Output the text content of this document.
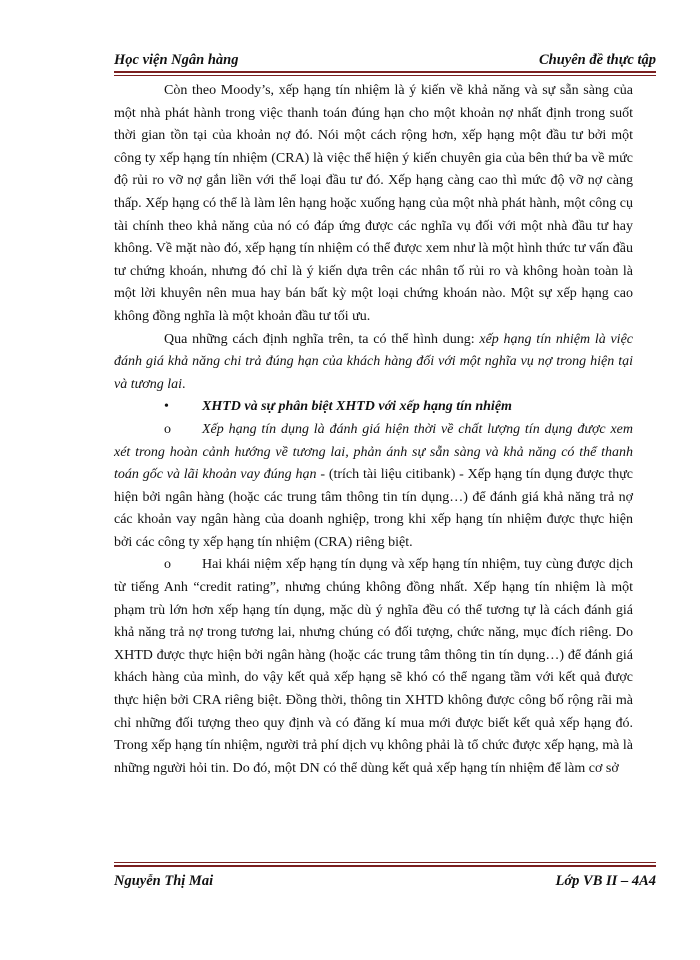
Học viện Ngân hàng	Chuyên đề thực tập

Còn theo Moody’s, xếp hạng tín nhiệm là ý kiến về khả năng và sự sẵn sàng của một nhà phát hành trong việc thanh toán đúng hạn cho một khoản nợ nhất định trong suốt thời gian tồn tại của khoản nợ đó. Nói một cách rộng hơn, xếp hạng một đầu tư bởi một công ty xếp hạng tín nhiệm (CRA) là việc thể hiện ý kiến chuyên gia của bên thứ ba về mức độ rủi ro vỡ nợ gắn liền với thể loại đầu tư đó. Xếp hạng càng cao thì mức độ vỡ nợ càng thấp. Xếp hạng có thể là làm lên hạng hoặc xuống hạng của một nhà phát hành, một công cụ tài chính theo khả năng của nó có đáp ứng được các nghĩa vụ đối với một nhà đầu tư hay không. Về mặt nào đó, xếp hạng tín nhiệm có thể được xem như là một hình thức tư vấn đầu tư chứng khoán, nhưng đó chỉ là ý kiến dựa trên các nhân tố rủi ro và không hoàn toàn là một lời khuyên nên mua hay bán bất kỳ một loại chứng khoán nào. Một sự xếp hạng cao không đồng nghĩa là một khoản đầu tư tối ưu.

Qua những cách định nghĩa trên, ta có thể hình dung: xếp hạng tín nhiệm là việc đánh giá khả năng chi trả đúng hạn của khách hàng đối với một nghĩa vụ nợ trong hiện tại và tương lai.

• XHTD và sự phân biệt XHTD với xếp hạng tín nhiệm

o Xếp hạng tín dụng là đánh giá hiện thời về chất lượng tín dụng được xem xét trong hoàn cảnh hướng về tương lai, phản ánh sự sẵn sàng và khả năng có thể thanh toán gốc và lãi khoản vay đúng hạn - (trích tài liệu citibank) - Xếp hạng tín dụng được thực hiện bởi ngân hàng (hoặc các trung tâm thông tin tín dụng…) để đánh giá khả năng trả nợ các khoản vay ngân hàng của doanh nghiệp, trong khi xếp hạng tín nhiệm được thực hiện bởi các công ty xếp hạng tín nhiệm (CRA) riêng biệt.

o Hai khái niệm xếp hạng tín dụng và xếp hạng tín nhiệm, tuy cùng được dịch từ tiếng Anh “credit rating”, nhưng chúng không đồng nhất. Xếp hạng tín nhiệm là một phạm trù lớn hơn xếp hạng tín dụng, mặc dù ý nghĩa đều có thể tương tự là cách đánh giá khả năng trả nợ trong tương lai, nhưng chúng có đối tượng, chức năng, mục đích riêng. Do XHTD được thực hiện bởi ngân hàng (hoặc các trung tâm thông tin tín dụng…) để đánh giá khách hàng của mình, do vậy kết quả xếp hạng sẽ khó có thể ngang tầm với kết quả được thực hiện bởi CRA riêng biệt. Đồng thời, thông tin XHTD không được công bố rộng rãi mà chỉ những đối tượng theo quy định và có đăng kí mua mới được biết kết quả xếp hạng đó. Trong xếp hạng tín nhiệm, người trả phí dịch vụ không phải là tổ chức được xếp hạng, mà là những người hỏi tin. Do đó, một DN có thể dùng kết quả xếp hạng tín nhiệm để làm cơ sở

Nguyễn Thị Mai	Lớp VB II – 4A4
